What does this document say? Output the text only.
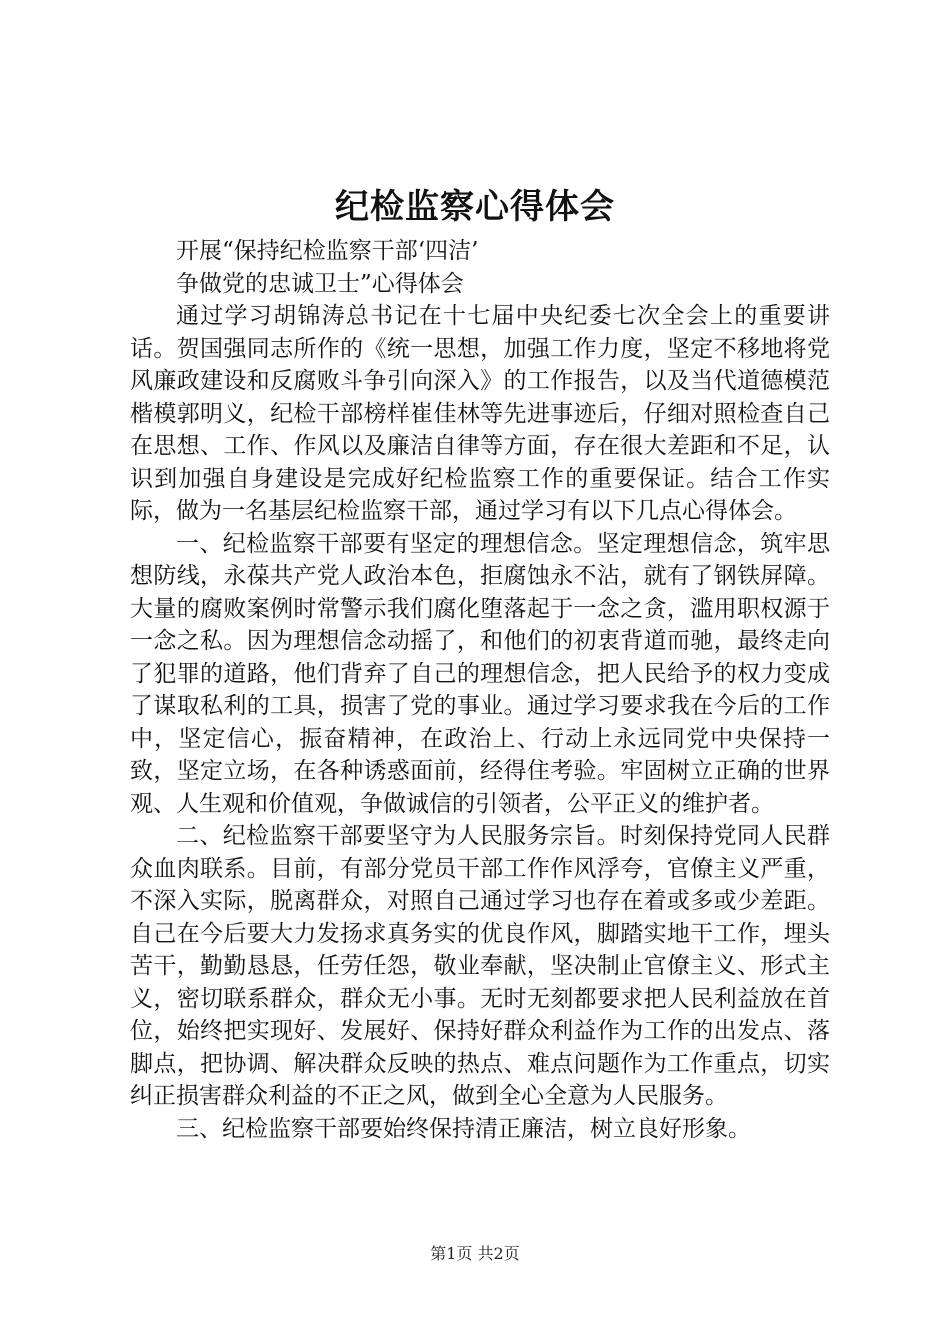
纪检监察心得体会

开展“保持纪检监察干部‘四洁’

争做党的忠诚卫士”心得体会

通过学习胡锦涛总书记在十七届中央纪委七次全会上的重要讲话。贺国强同志所作的《统一思想，加强工作力度，坚定不移地将党风廉政建设和反腐败斗争引向深入》的工作报告，以及当代道德模范楷模郭明义，纪检干部榜样崔佳林等先进事迹后，仔细对照检查自己在思想、工作、作风以及廉洁自律等方面，存在很大差距和不足，认识到加强自身建设是完成好纪检监察工作的重要保证。结合工作实际，做为一名基层纪检监察干部，通过学习有以下几点心得体会。

一、纪检监察干部要有坚定的理想信念。坚定理想信念，筑牢思想防线，永葆共产党人政治本色，拒腐蚀永不沾，就有了钢铁屏障。大量的腐败案例时常警示我们腐化堕落起于一念之贪，滥用职权源于一念之私。因为理想信念动摇了，和他们的初衷背道而驰，最终走向了犯罪的道路，他们背弃了自己的理想信念，把人民给予的权力变成了谋取私利的工具，损害了党的事业。通过学习要求我在今后的工作中，坚定信心，振奋精神，在政治上、行动上永远同党中央保持一致，坚定立场，在各种诱惑面前，经得住考验。牢固树立正确的世界观、人生观和价值观，争做诚信的引领者，公平正义的维护者。

二、纪检监察干部要坚守为人民服务宗旨。时刻保持党同人民群众血肉联系。目前，有部分党员干部工作作风浮夸，官僚主义严重，不深入实际，脱离群众，对照自己通过学习也存在着或多或少差距。自己在今后要大力发扬求真务实的优良作风，脚踏实地干工作，埋头苦干，勤勤恳恳，任劳任怨，敬业奉献，坚决制止官僚主义、形式主义，密切联系群众，群众无小事。无时无刻都要求把人民利益放在首位，始终把实现好、发展好、保持好群众利益作为工作的出发点、落脚点，把协调、解决群众反映的热点、难点问题作为工作重点，切实纠正损害群众利益的不正之风，做到全心全意为人民服务。

三、纪检监察干部要始终保持清正廉洁，树立良好形象。

第1页 共2页
